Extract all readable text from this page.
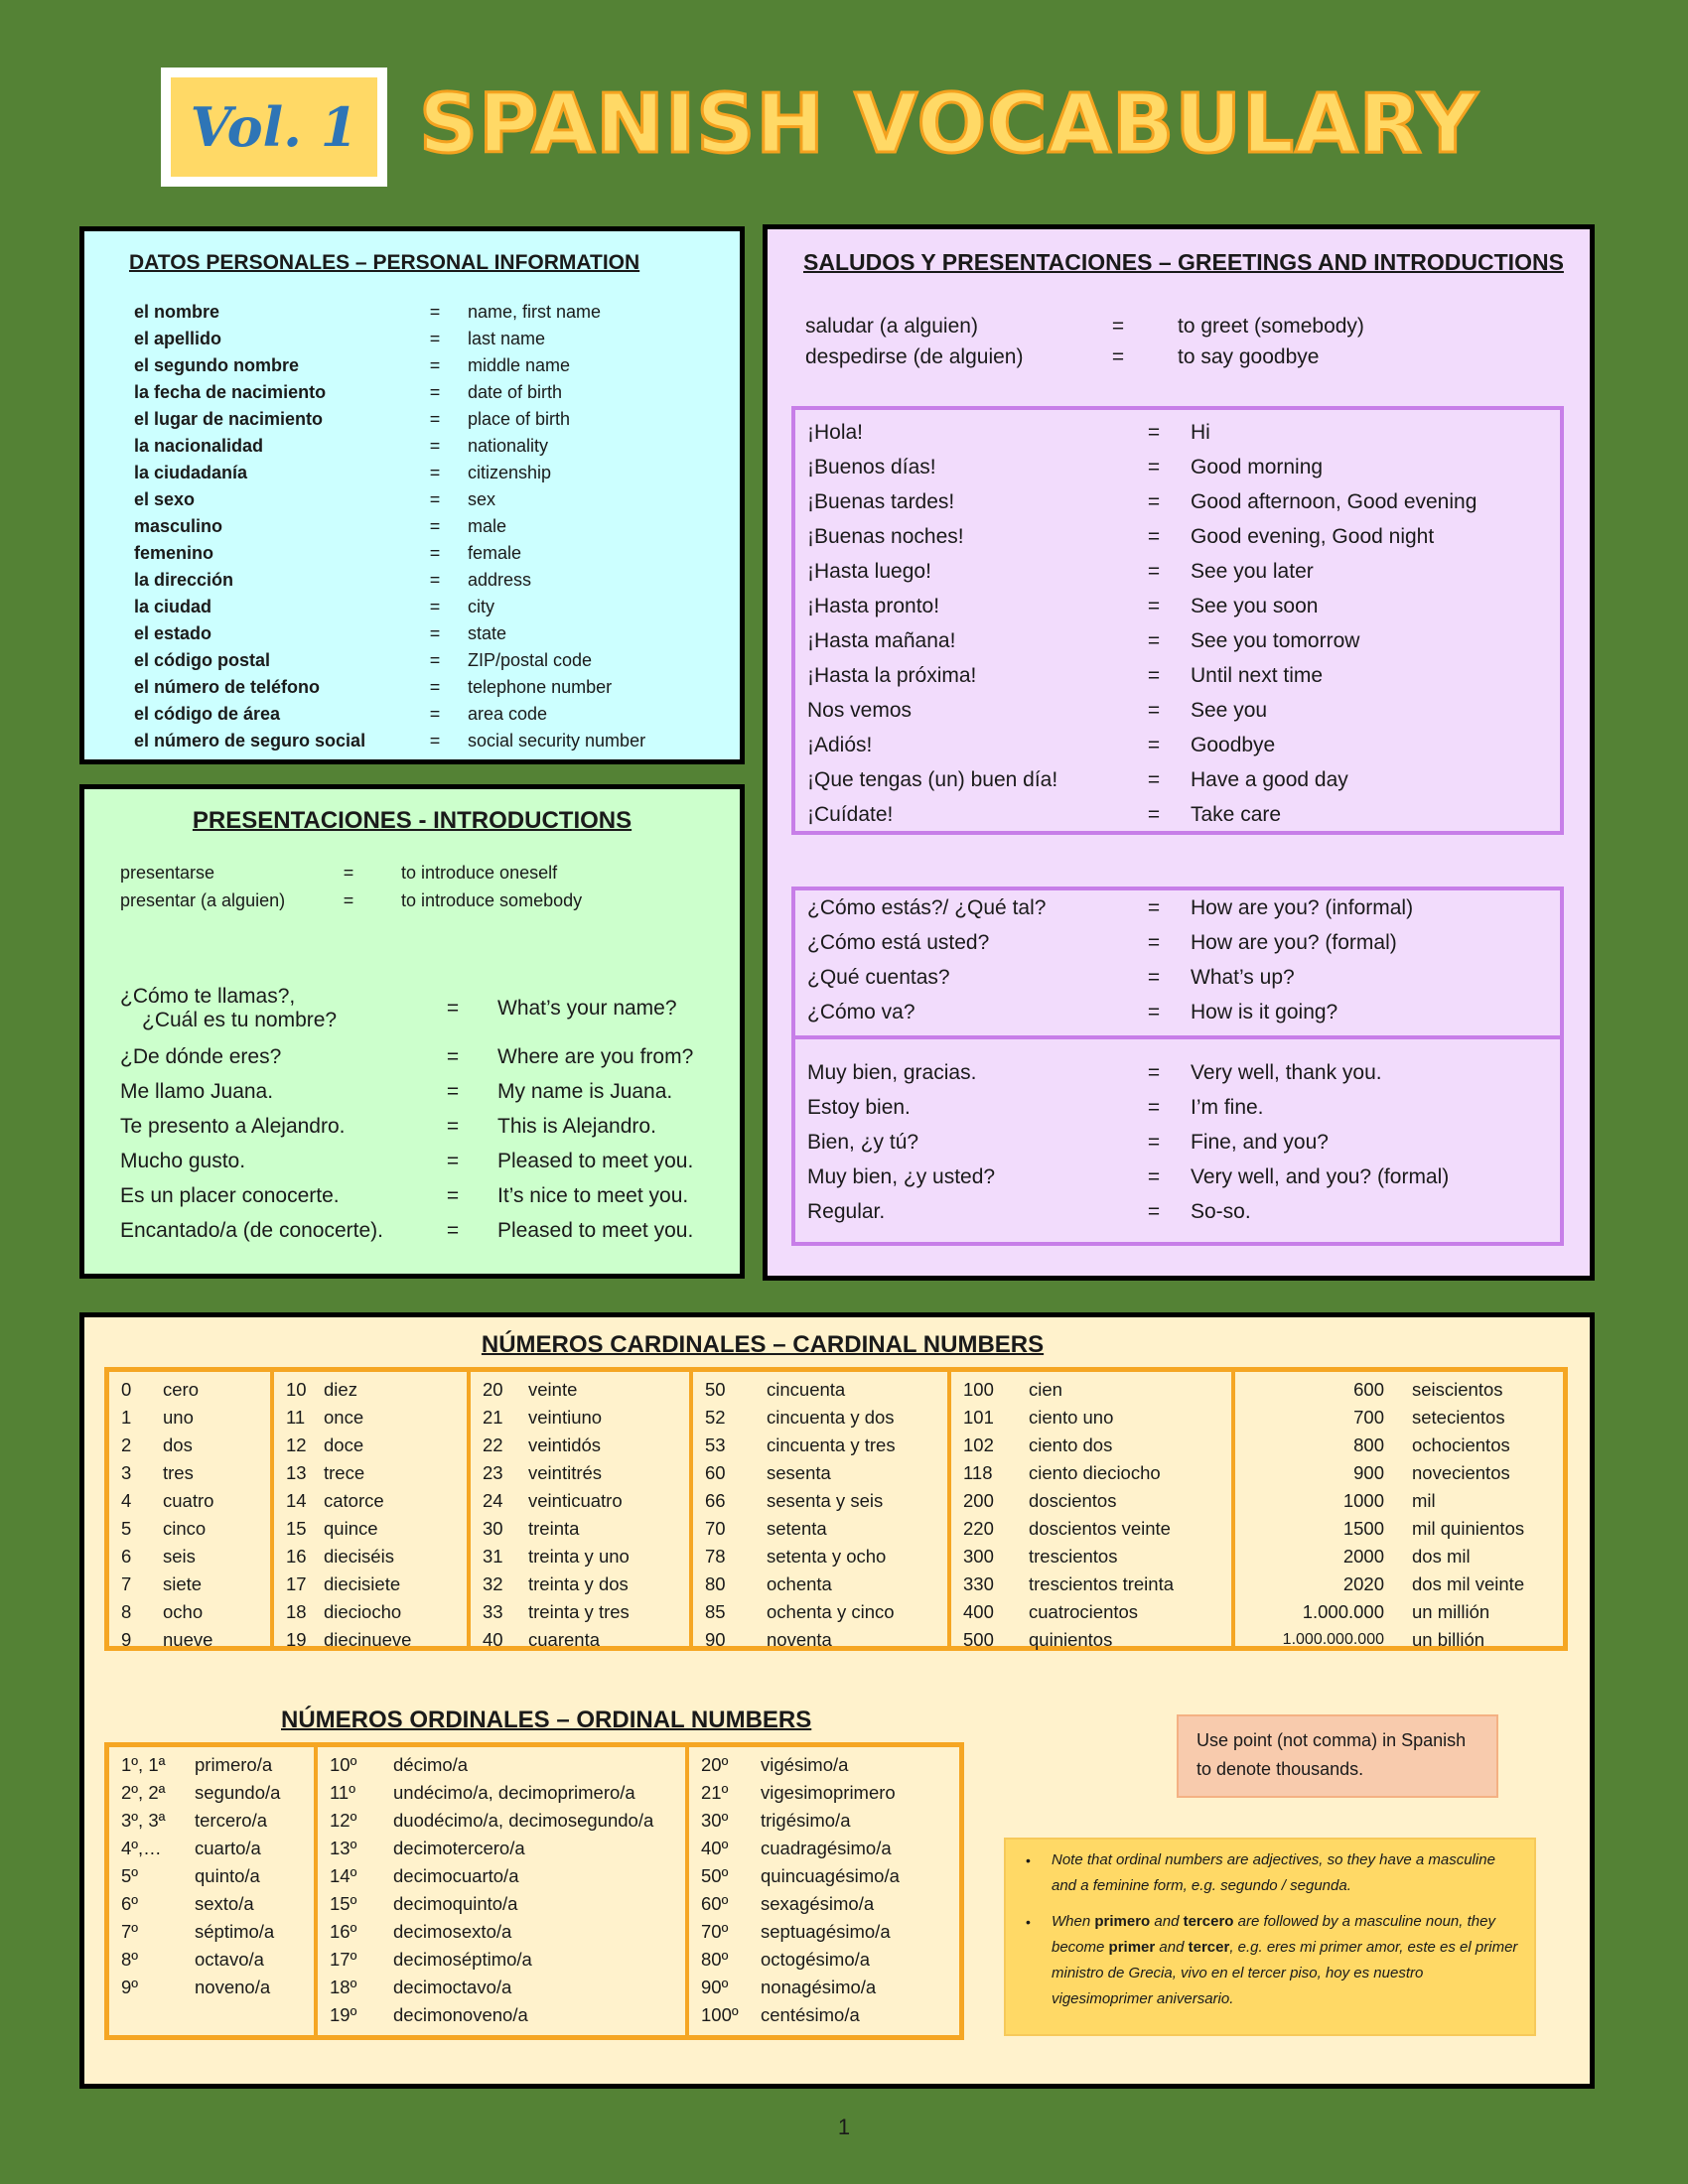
Vol. 1 SPANISH VOCABULARY
DATOS PERSONALES – PERSONAL INFORMATION
el nombre	=	name, first name
el apellido	=	last name
el segundo nombre	=	middle name
la fecha de nacimiento	=	date of birth
el lugar de nacimiento	=	place of birth
la nacionalidad	=	nationality
la ciudadanía	=	citizenship
el sexo	=	sex
masculino	=	male
femenino	=	female
la dirección	=	address
la ciudad	=	city
el estado	=	state
el código postal	=	ZIP/postal code
el número de teléfono	=	telephone number
el código de área	=	area code
el número de seguro social	=	social security number
PRESENTACIONES - INTRODUCTIONS
presentarse	=	to introduce oneself
presentar (a alguien)	=	to introduce somebody
¿Cómo te llamas?,
¿Cuál es tu nombre?
=	What’s your name?
¿De dónde eres?	=	Where are you from?
Me llamo Juana.	=	My name is Juana.
Te presento a Alejandro.	=	This is Alejandro.
Mucho gusto.	=	Pleased to meet you.
Es un placer conocerte.	=	It’s nice to meet you.
Encantado/a (de conocerte).	=	Pleased to meet you.
SALUDOS Y PRESENTACIONES – GREETINGS AND INTRODUCTIONS
saludar (a alguien)	=	to greet (somebody)
despedirse (de alguien)	=	to say goodbye
¡Hola!	=	Hi
¡Buenos días!	=	Good morning
¡Buenas tardes!	=	Good afternoon, Good evening
¡Buenas noches!	=	Good evening, Good night
¡Hasta luego!	=	See you later
¡Hasta pronto!	=	See you soon
¡Hasta mañana!	=	See you tomorrow
¡Hasta la próxima!	=	Until next time
Nos vemos	=	See you
¡Adiós!	=	Goodbye
¡Que tengas (un) buen día!	=	Have a good day
¡Cuídate!	=	Take care
¿Cómo estás?/ ¿Qué tal?	=	How are you? (informal)
¿Cómo está usted?	=	How are you? (formal)
¿Qué cuentas?	=	What’s up?
¿Cómo va?	=	How is it going?
Muy bien, gracias.	=	Very well, thank you.
Estoy bien.	=	I’m fine.
Bien, ¿y tú?	=	Fine, and you?
Muy bien, ¿y usted?	=	Very well, and you? (formal)
Regular.	=	So-so.
NÚMEROS CARDINALES – CARDINAL NUMBERS
0	cero
1	uno
2	dos
3	tres
4	cuatro
5	cinco
6	seis
7	siete
8	ocho
9	nueve
10 diez
11	once
12 doce
13 trece
14 catorce
15 quince
16 dieciséis
17 diecisiete
18 dieciocho
19 diecinueve
20	veinte
21	veintiuno
22	veintidós
23	veintitrés
24	veinticuatro
30	treinta
31	treinta y uno
32	treinta y dos
33	treinta y tres
40	cuarenta
50	cincuenta
52	cincuenta y dos
53	cincuenta y tres
60	sesenta
66	sesenta y seis
70	setenta
78	setenta y ocho
80	ochenta
85	ochenta y cinco
90	noventa
100	cien
101	ciento uno
102	ciento dos
118	ciento dieciocho
200	doscientos
220	doscientos veinte
300	trescientos
330	trescientos treinta
400	cuatrocientos
500	quinientos
600	seiscientos
700	setecientos
800	ochocientos
900	novecientos
1000	mil
1500	mil quinientos
2000	dos mil
2020	dos mil veinte
1.000.000	un millión
1.000.000.000	un billión
NÚMEROS ORDINALES – ORDINAL NUMBERS
1º, 1ª	primero/a
2º, 2ª	segundo/a
3º, 3ª	tercero/a
4º,…	cuarto/a
5º	quinto/a
6º	sexto/a
7º	séptimo/a
8º	octavo/a
9º	noveno/a
10º	décimo/a
11º	undécimo/a, decimoprimero/a
12º	duodécimo/a, decimosegundo/a
13º	decimotercero/a
14º	decimocuarto/a
15º	decimoquinto/a
16º	decimosexto/a
17º	decimoséptimo/a
18º	decimoctavo/a
19º	decimonoveno/a
20º	vigésimo/a
21º	vigesimoprimero
30º	trigésimo/a
40º	cuadragésimo/a
50º	quincuagésimo/a
60º	sexagésimo/a
70º	septuagésimo/a
80º	octogésimo/a
90º	nonagésimo/a
100º	centésimo/a
Use point (not comma) in Spanish to denote thousands.
•	Note that ordinal numbers are adjectives, so they have a masculine and a feminine form, e.g. segundo / segunda.
•	When primero and tercero are followed by a masculine noun, they become primer and tercer, e.g. eres mi primer amor, este es el primer ministro de Grecia, vivo en el tercer piso, hoy es nuestro vigesimoprimer aniversario.
1
